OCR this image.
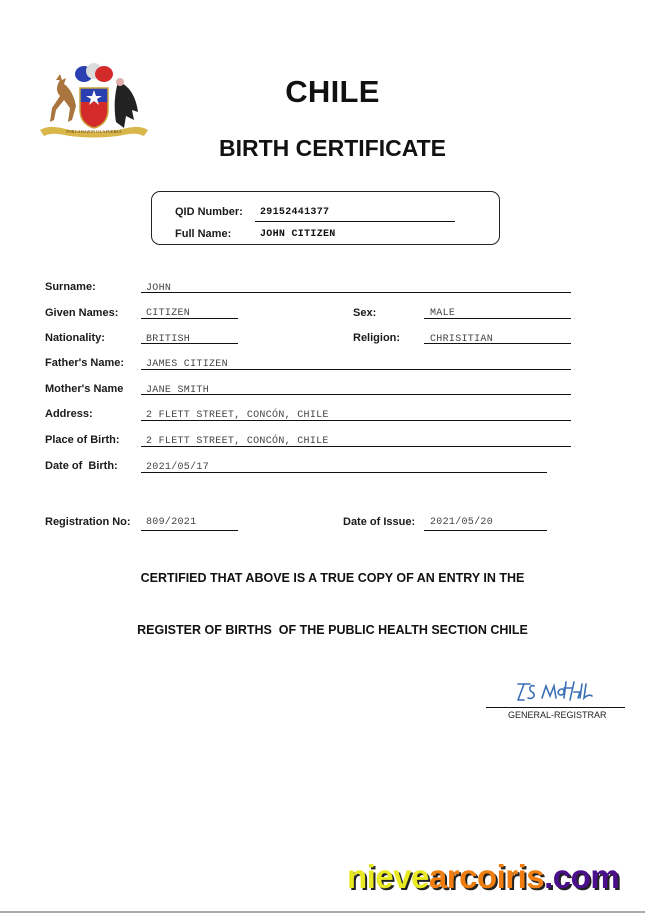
POR LA RAZON O LA FUERZA
CHILE
BIRTH CERTIFICATE
QID Number: 29152441377
Full Name:	JOHN CITIZEN
Surname:	JOHN
Given Names:	CITIZEN	Sex:	MALE
Nationality:	BRITISH	Religion:	CHRISITIAN
Father's Name: JAMES CITIZEN
Mother's Name JANE SMITH
Address:	2 FLETT STREET, CONCÓN, CHILE
Place of Birth:	2 FLETT STREET, CONCÓN, CHILE
Date of  Birth:	2021/05/17
Registration No: 809/2021	Date of Issue: 2021/05/20
CERTIFIED THAT ABOVE IS A TRUE COPY OF AN ENTRY IN THE
REGISTER OF BIRTHS  OF THE PUBLIC HEALTH SECTION CHILE
GENERAL-REGISTRAR
nievearcoiris.com
